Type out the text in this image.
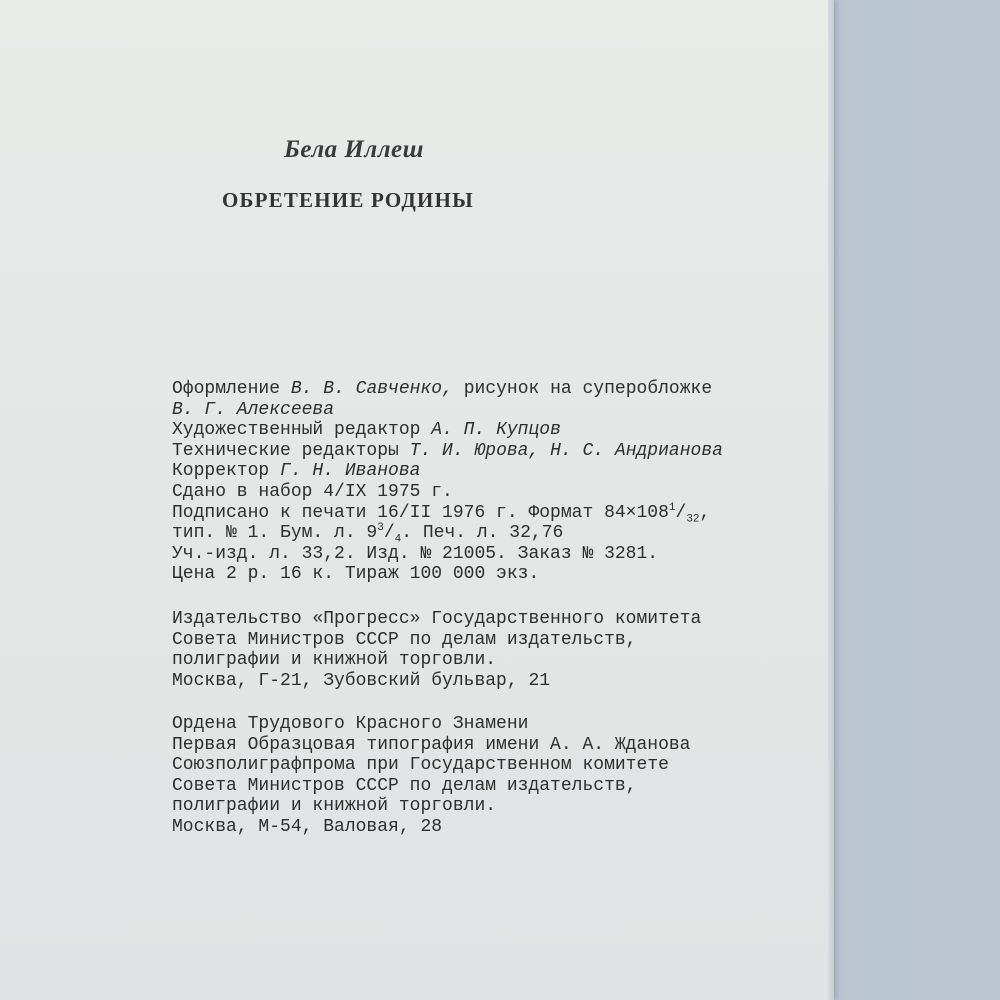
Бела Иллеш
ОБРЕТЕНИЕ РОДИНЫ
Оформление В. В. Савченко, рисунок на суперобложке
В. Г. Алексеева
Художественный редактор А. П. Купцов
Технические редакторы Т. И. Юрова, Н. С. Андрианова
Корректор Г. Н. Иванова
Сдано в набор 4/IX 1975 г.
Подписано к печати 16/II 1976 г. Формат $84\times 108^1/_{32}$,
тип. № 1. Бум. л. $9^3/_4$. Печ. л. 32,76
Уч.-изд. л. 33,2. Изд. № 21005. Заказ № 3281.
Цена 2 р. 16 к. Тираж 100 000 экз.
Издательство «Прогресс» Государственного комитета
Совета Министров СССР по делам издательств,
полиграфии и книжной торговли.
Москва, Г-21, Зубовский бульвар, 21
Ордена Трудового Красного Знамени
Первая Образцовая типография имени А. А. Жданова
Союзполиграфпрома при Государственном комитете
Совета Министров СССР по делам издательств,
полиграфии и книжной торговли.
Москва, М-54, Валовая, 28
